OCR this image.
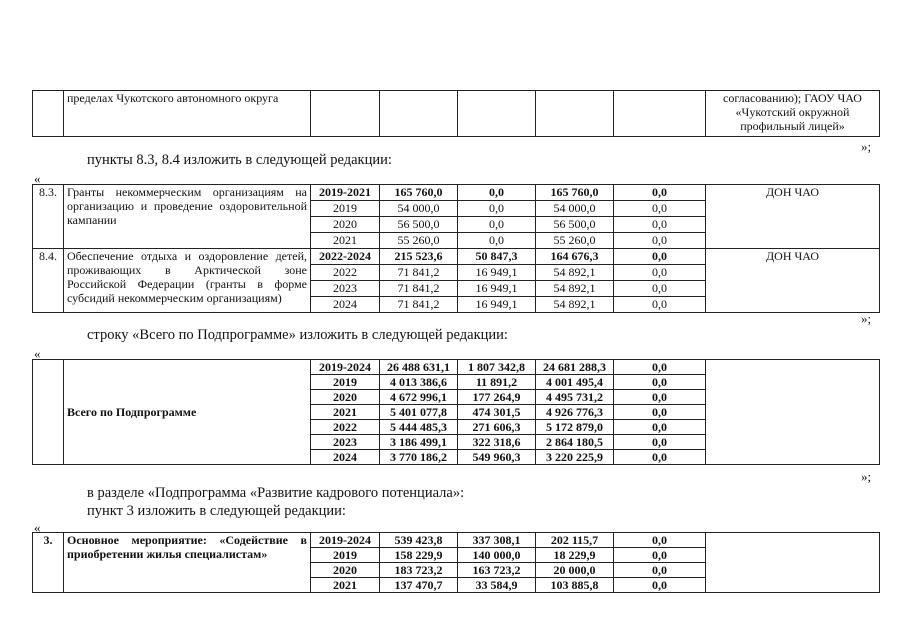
	пределах Чукотского автономного округа						согласованию); ГАОУ ЧАО «Чукотский окружной профильный лицей»
»;
пункты 8.3, 8.4 изложить в следующей редакции:
«
8.3.	Гранты некоммерческим организациям на организацию и проведение оздоровительной кампании	2019-2021	165 760,0	0,0	165 760,0	0,0	ДОН ЧАО
		2019	54 000,0	0,0	54 000,0	0,0	
		2020	56 500,0	0,0	56 500,0	0,0	
		2021	55 260,0	0,0	55 260,0	0,0	
8.4.	Обеспечение отдыха и оздоровление детей, проживающих в Арктической зоне Российской Федерации (гранты в форме субсидий некоммерческим организациям)	2022-2024	215 523,6	50 847,3	164 676,3	0,0	ДОН ЧАО
		2022	71 841,2	16 949,1	54 892,1	0,0	
		2023	71 841,2	16 949,1	54 892,1	0,0	
		2024	71 841,2	16 949,1	54 892,1	0,0	
»;
строку «Всего по Подпрограмме» изложить в следующей редакции:
«
	Всего по Подпрограмме	2019-2024	26 488 631,1	1 807 342,8	24 681 288,3	0,0	
		2019	4 013 386,6	11 891,2	4 001 495,4	0,0	
		2020	4 672 996,1	177 264,9	4 495 731,2	0,0	
		2021	5 401 077,8	474 301,5	4 926 776,3	0,0	
		2022	5 444 485,3	271 606,3	5 172 879,0	0,0	
		2023	3 186 499,1	322 318,6	2 864 180,5	0,0	
		2024	3 770 186,2	549 960,3	3 220 225,9	0,0	
»;
в разделе «Подпрограмма «Развитие кадрового потенциала»:
пункт 3 изложить в следующей редакции:
«
3.	Основное мероприятие: «Содействие в приобретении жилья специалистам»	2019-2024	539 423,8	337 308,1	202 115,7	0,0	
		2019	158 229,9	140 000,0	18 229,9	0,0	
		2020	183 723,2	163 723,2	20 000,0	0,0	
		2021	137 470,7	33 584,9	103 885,8	0,0	
